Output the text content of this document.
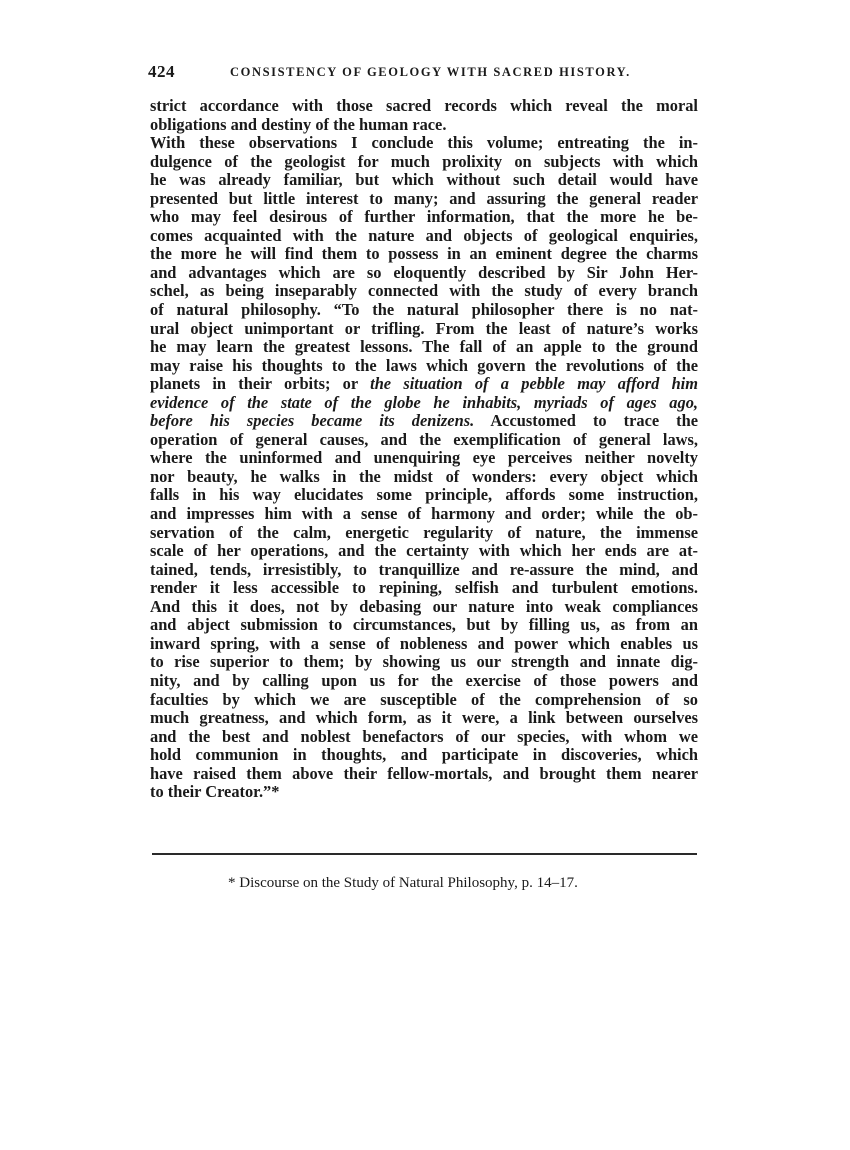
424	CONSISTENCY OF GEOLOGY WITH SACRED HISTORY.
strict accordance with those sacred records which reveal the moral
obligations and destiny of the human race.
With these observations I conclude this volume; entreating the in-
dulgence of the geologist for much prolixity on subjects with which
he was already familiar, but which without such detail would have
presented but little interest to many; and assuring the general reader
who may feel desirous of further information, that the more he be-
comes acquainted with the nature and objects of geological enquiries,
the more he will find them to possess in an eminent degree the charms
and advantages which are so eloquently described by Sir John Her-
schel, as being inseparably connected with the study of every branch
of natural philosophy. “To the natural philosopher there is no nat-
ural object unimportant or trifling. From the least of nature’s works
he may learn the greatest lessons. The fall of an apple to the ground
may raise his thoughts to the laws which govern the revolutions of the
planets in their orbits; or the situation of a pebble may afford him
evidence of the state of the globe he inhabits, myriads of ages ago,
before his species became its denizens. Accustomed to trace the
operation of general causes, and the exemplification of general laws,
where the uninformed and unenquiring eye perceives neither novelty
nor beauty, he walks in the midst of wonders: every object which
falls in his way elucidates some principle, affords some instruction,
and impresses him with a sense of harmony and order; while the ob-
servation of the calm, energetic regularity of nature, the immense
scale of her operations, and the certainty with which her ends are at-
tained, tends, irresistibly, to tranquillize and re-assure the mind, and
render it less accessible to repining, selfish and turbulent emotions.
And this it does, not by debasing our nature into weak compliances
and abject submission to circumstances, but by filling us, as from an
inward spring, with a sense of nobleness and power which enables us
to rise superior to them; by showing us our strength and innate dig-
nity, and by calling upon us for the exercise of those powers and
faculties by which we are susceptible of the comprehension of so
much greatness, and which form, as it were, a link between ourselves
and the best and noblest benefactors of our species, with whom we
hold communion in thoughts, and participate in discoveries, which
have raised them above their fellow-mortals, and brought them nearer
to their Creator.”*
* Discourse on the Study of Natural Philosophy, p. 14–17.
